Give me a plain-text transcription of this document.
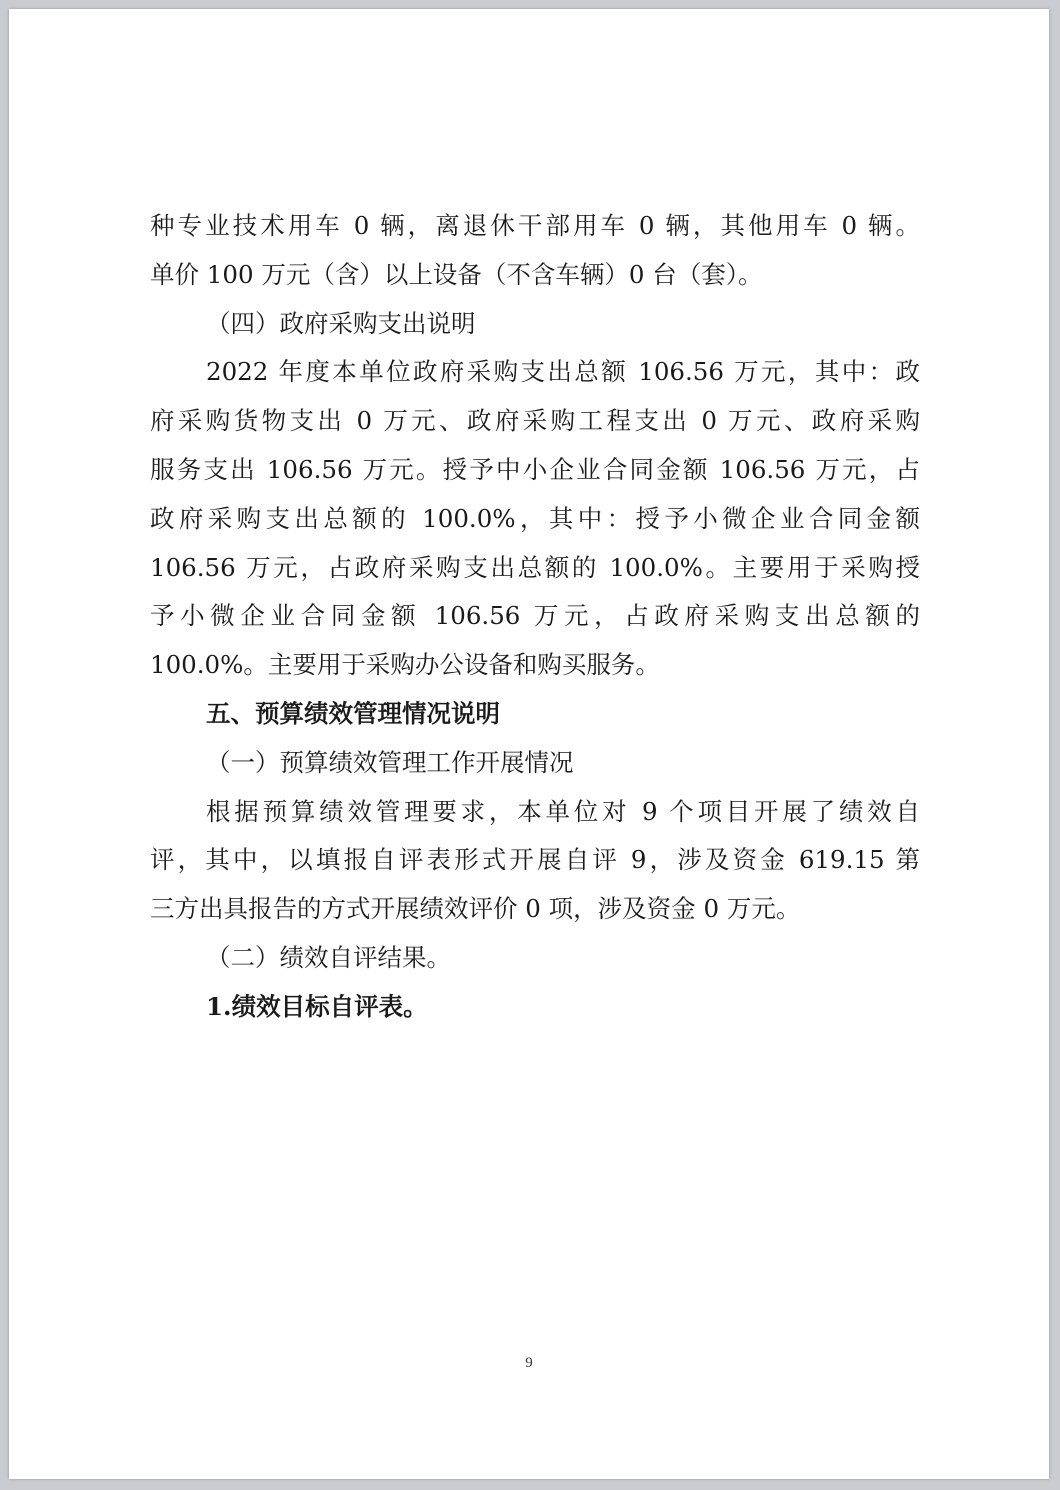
种专业技术用车 0 辆，离退休干部用车 0 辆，其他用车 0 辆。
单价 100 万元（含）以上设备（不含车辆）0 台（套）。
（四）政府采购支出说明
2022 年度本单位政府采购支出总额 106.56 万元，其中：政
府采购货物支出 0 万元、政府采购工程支出 0 万元、政府采购
服务支出 106.56 万元。授予中小企业合同金额 106.56 万元，占
政府采购支出总额的 100.0%，其中：授予小微企业合同金额
106.56 万元，占政府采购支出总额的 100.0%。主要用于采购授
予小微企业合同金额 106.56 万元，占政府采购支出总额的
100.0%。主要用于采购办公设备和购买服务。
五、预算绩效管理情况说明
（一）预算绩效管理工作开展情况
根据预算绩效管理要求，本单位对 9 个项目开展了绩效自
评，其中，以填报自评表形式开展自评 9，涉及资金 619.15 第
三方出具报告的方式开展绩效评价 0 项，涉及资金 0 万元。
（二）绩效自评结果。
1.绩效目标自评表。
9
